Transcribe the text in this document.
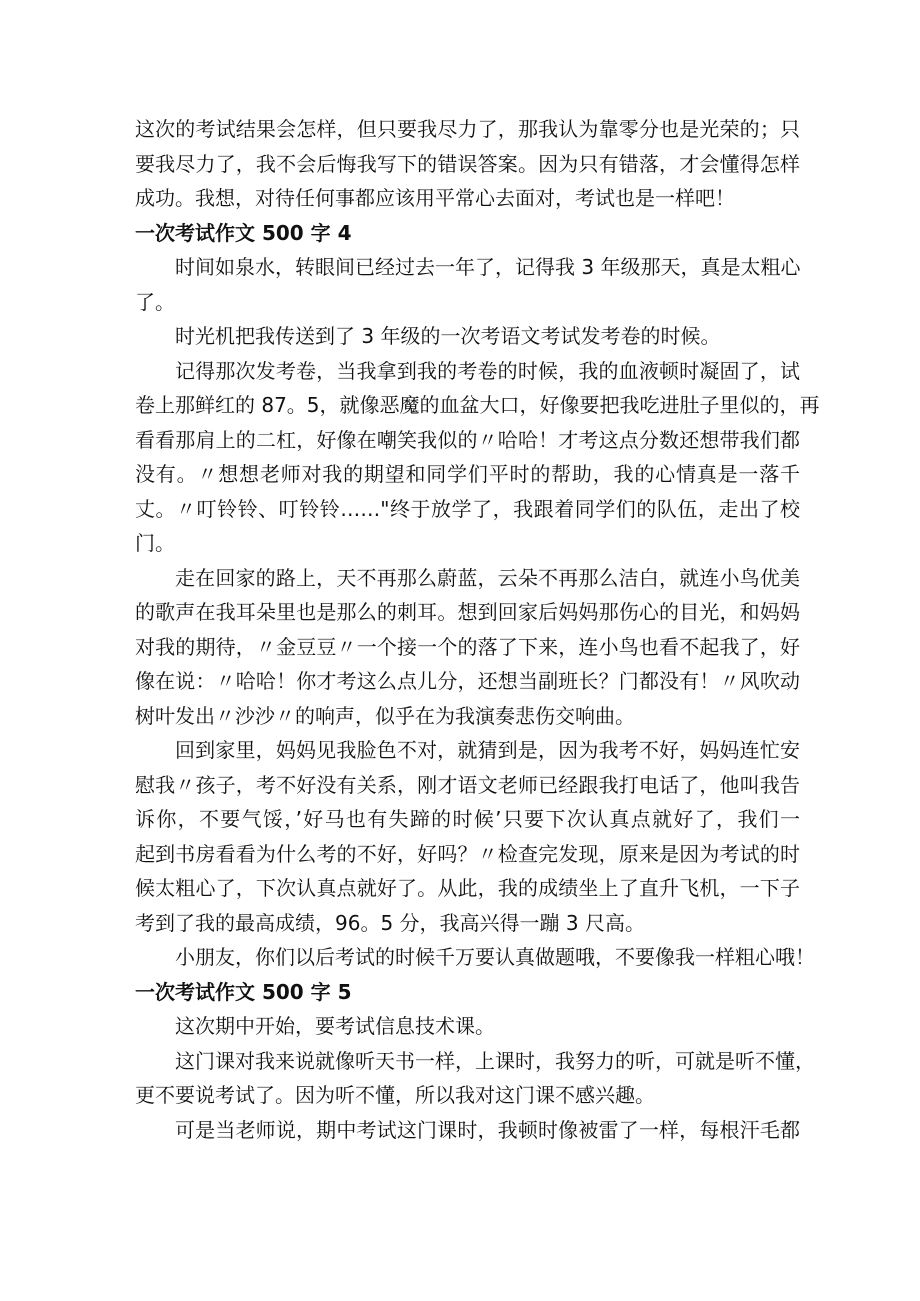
这次的考试结果会怎样，但只要我尽力了，那我认为靠零分也是光荣的；只
要我尽力了，我不会后悔我写下的错误答案。因为只有错落，才会懂得怎样
成功。我想，对待任何事都应该用平常心去面对，考试也是一样吧！
一次考试作文 500 字 4
时间如泉水，转眼间已经过去一年了，记得我 3 年级那天，真是太粗心
了。
时光机把我传送到了 3 年级的一次考语文考试发考卷的时候。
记得那次发考卷，当我拿到我的考卷的时候，我的血液顿时凝固了，试
卷上那鲜红的 87。5，就像恶魔的血盆大口，好像要把我吃进肚子里似的，再
看看那肩上的二杠，好像在嘲笑我似的〃哈哈！才考这点分数还想带我们都
没有。〃想想老师对我的期望和同学们平时的帮助，我的心情真是一落千
丈。〃叮铃铃、叮铃铃……"终于放学了，我跟着同学们的队伍，走出了校
门。
走在回家的路上，天不再那么蔚蓝，云朵不再那么洁白，就连小鸟优美
的歌声在我耳朵里也是那么的刺耳。想到回家后妈妈那伤心的目光，和妈妈
对我的期待，〃金豆豆〃一个接一个的落了下来，连小鸟也看不起我了，好
像在说：〃哈哈！你才考这么点儿分，还想当副班长？门都没有！〃风吹动
树叶发出〃沙沙〃的响声，似乎在为我演奏悲伤交响曲。
回到家里，妈妈见我脸色不对，就猜到是，因为我考不好，妈妈连忙安
慰我〃孩子，考不好没有关系，刚才语文老师已经跟我打电话了，他叫我告
诉你，不要气馁，’好马也有失蹄的时候’只要下次认真点就好了，我们一
起到书房看看为什么考的不好，好吗？〃检查完发现，原来是因为考试的时
候太粗心了，下次认真点就好了。从此，我的成绩坐上了直升飞机，一下子
考到了我的最高成绩，96。5 分，我高兴得一蹦 3 尺高。
小朋友，你们以后考试的时候千万要认真做题哦，不要像我一样粗心哦！
一次考试作文 500 字 5
这次期中开始，要考试信息技术课。
这门课对我来说就像听天书一样，上课时，我努力的听，可就是听不懂，
更不要说考试了。因为听不懂，所以我对这门课不感兴趣。
可是当老师说，期中考试这门课时，我顿时像被雷了一样，每根汗毛都
